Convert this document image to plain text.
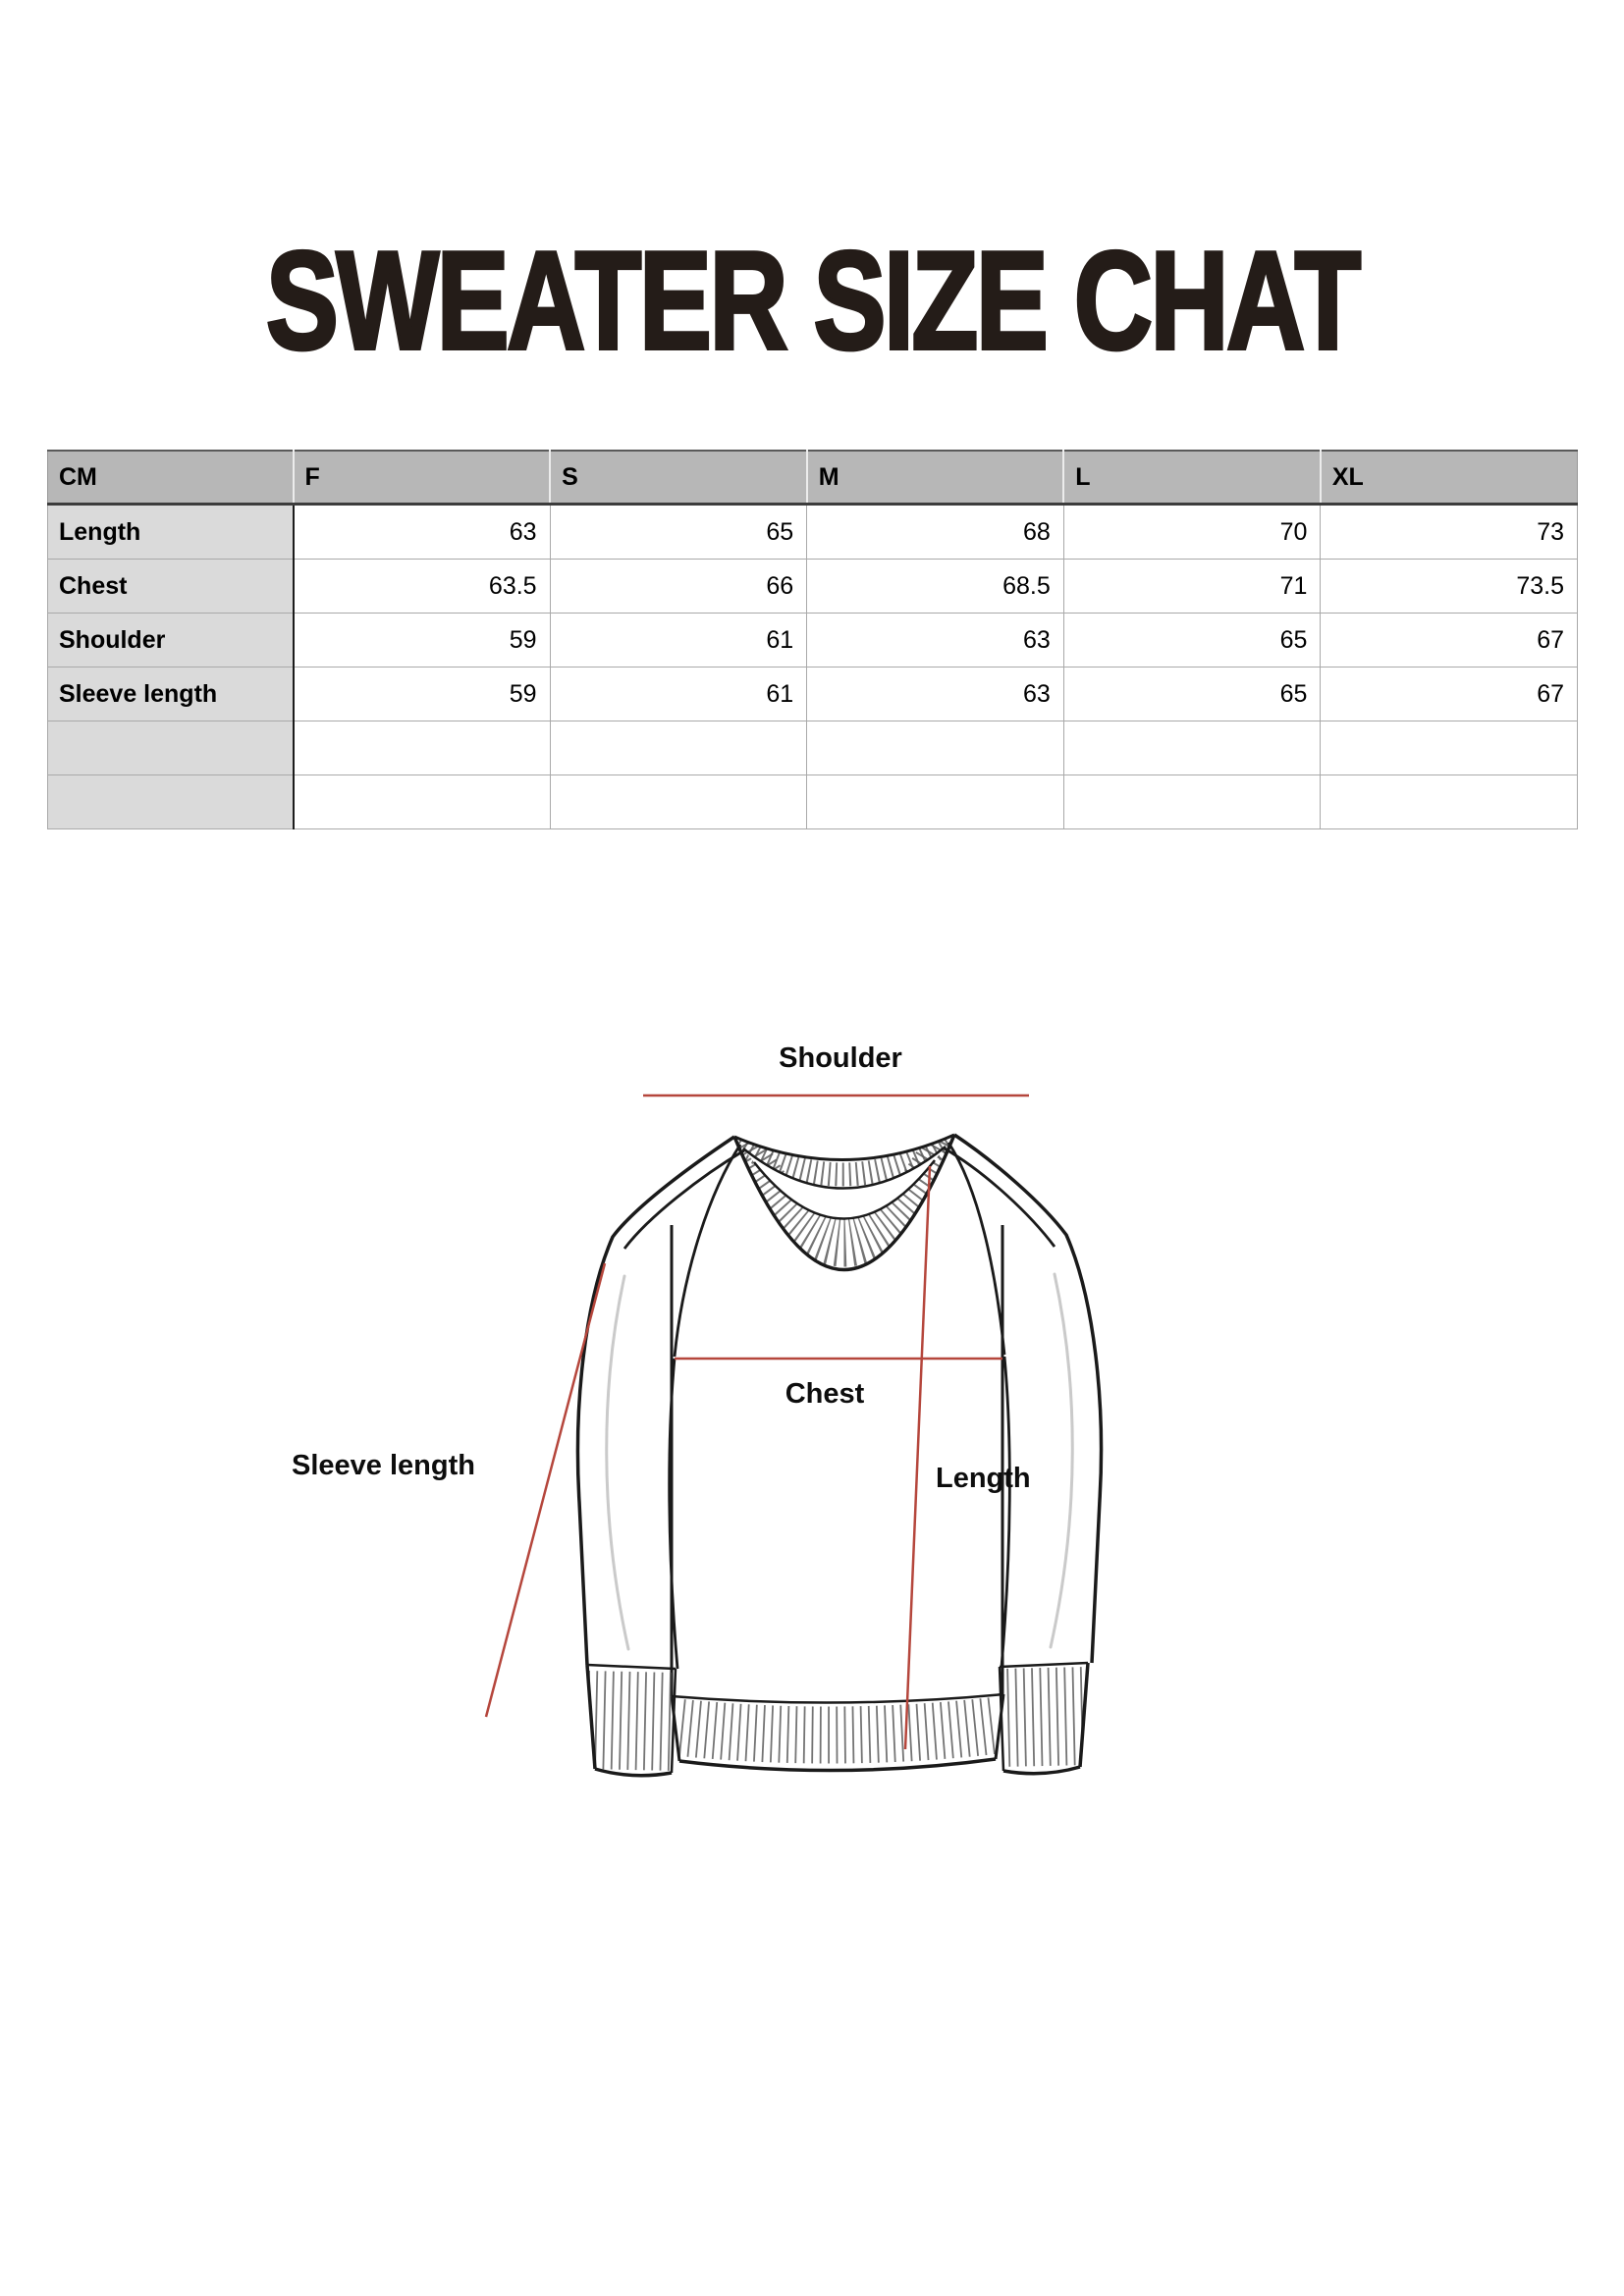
SWEATER SIZE CHAT
CM	F	S	M	L	XL
Length	63	65	68	70	73
Chest	63.5	66	68.5	71	73.5
Shoulder	59	61	63	65	67
Sleeve length	59	61	63	65	67

Shoulder
Chest
Length
Sleeve length
